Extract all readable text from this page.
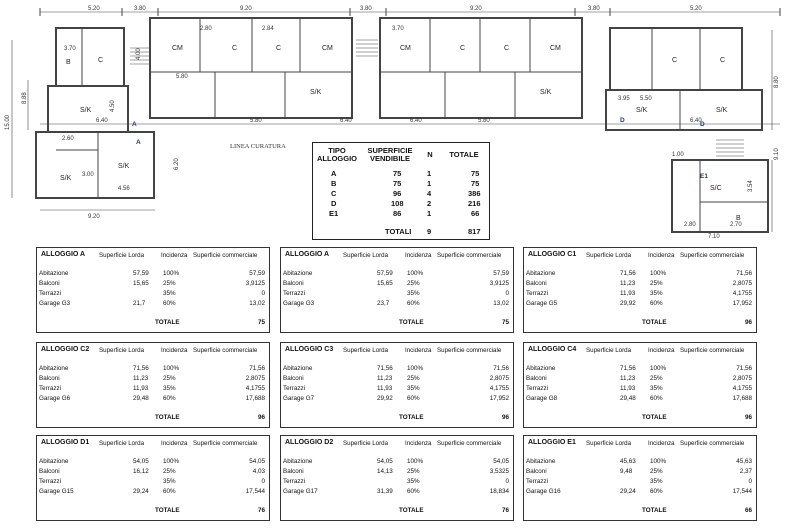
5.20	3.80	9.20	3.80	9.20	3.80	5.20
6.40	5.80	6.40	6.40	5.80	6.40
15.00
8.88
8.80
9.10
3.70
2.80	2.84
4.00
5.80
3.70
5.50
4.56
2.60
3.95
1.00
2.80	2.70
3.54
7.10
9.20
6.20
4.50
3.00
CM	C	C	CM	CM	C	C	CM
C	C
B
B
S/K
S/K
S/K	S/K
S/K	S/K
S/C
S/K
C
A
D
D
E1
A
LINEA CURATURA	TIPO ALLOGGIO
SUPERFICIE VENDIBILE	N	TOTALE
A	75	1	75
B	75	1	75
C	96	4	386
D	108	2	216
E1	86	1	66
TOTALI 9	817
ALLOGGIO A Superficie Lorda	Incidenza Superficie commerciale
Abitazione	57,59 100%	57,59
Balconi	15,65 25%	3,9125
Terrazzi	35%	0
Garage G3	21,7	60%	13,02
TOTALE	75
ALLOGGIO A Superficie Lorda	Incidenza Superficie commerciale
Abitazione	57,59 100%	57,59
Balconi	15,65 25%	3,9125
Terrazzi	35%	0
Garage G3	23,7	60%	13,02
TOTALE	75
ALLOGGIO C1 Superficie Lorda	Incidenza Superficie commerciale
Abitazione	71,56 100%	71,56
Balconi	11,23 25%	2,8075
Terrazzi	11,93 35%	4,1755
Garage G5	29,92 60%	17,952
TOTALE	96
ALLOGGIO C2 Superficie Lorda	Incidenza Superficie commerciale
Abitazione	71,56 100%	71,56
Balconi	11,23 25%	2,8075
Terrazzi	11,93 35%	4,1755
Garage G6	29,48 60%	17,688
TOTALE	96
ALLOGGIO C3 Superficie Lorda	Incidenza Superficie commerciale
Abitazione	71,56 100%	71,56
Balconi	11,23 25%	2,8075
Terrazzi	11,93 35%	4,1755
Garage G7	29,92 60%	17,952
TOTALE	96
ALLOGGIO C4 Superficie Lorda	Incidenza Superficie commerciale
Abitazione	71,56 100%	71,56
Balconi	11,23 25%	2,8075
Terrazzi	11,93 35%	4,1755
Garage G8	29,48 60%	17,688
TOTALE	96
ALLOGGIO D1 Superficie Lorda	Incidenza Superficie commerciale
Abitazione	54,05 100%	54,05
Balconi	16,12 25%	4,03
Terrazzi	35%	0
Garage G15	29,24 60%	17,544
TOTALE	76
ALLOGGIO D2 Superficie Lorda	Incidenza Superficie commerciale
Abitazione	54,05 100%	54,05
Balconi	14,13 25%	3,5325
Terrazzi	35%	0
Garage G17	31,39 60%	18,834
TOTALE	76
ALLOGGIO E1 Superficie Lorda	Incidenza Superficie commerciale
Abitazione	45,63 100%	45,63
Balconi	9,48	25%	2,37
Terrazzi	35%	0
Garage G16	29,24 60%	17,544
TOTALE	66
